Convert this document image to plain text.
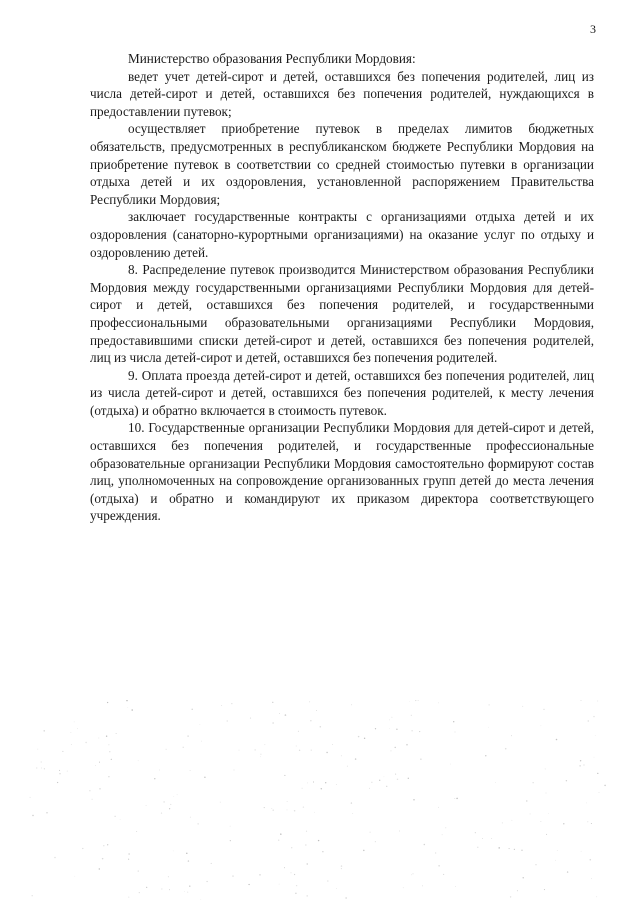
3

Министерство образования Республики Мордовия:

ведет учет детей-сирот и детей, оставшихся без попечения родителей, лиц из числа детей-сирот и детей, оставшихся без попечения родителей, нуждающихся в предоставлении путевок;

осуществляет приобретение путевок в пределах лимитов бюджетных обязательств, предусмотренных в республиканском бюджете Республики Мордовия на приобретение путевок в соответствии со средней стоимостью путевки в организации отдыха детей и их оздоровления, установленной распоряжением Правительства Республики Мордовия;

заключает государственные контракты с организациями отдыха детей и их оздоровления (санаторно-курортными организациями) на оказание услуг по отдыху и оздоровлению детей.

8. Распределение путевок производится Министерством образования Республики Мордовия между государственными организациями Республики Мордовия для детей-сирот и детей, оставшихся без попечения родителей, и государственными профессиональными образовательными организациями Республики Мордовия, предоставившими списки детей-сирот и детей, оставшихся без попечения родителей, лиц из числа детей-сирот и детей, оставшихся без попечения родителей.

9. Оплата проезда детей-сирот и детей, оставшихся без попечения родителей, лиц из числа детей-сирот и детей, оставшихся без попечения родителей, к месту лечения (отдыха) и обратно включается в стоимость путевок.

10. Государственные организации Республики Мордовия для детей-сирот и детей, оставшихся без попечения родителей, и государственные профессиональные образовательные организации Республики Мордовия самостоятельно формируют состав лиц, уполномоченных на сопровождение организованных групп детей до места лечения (отдыха) и обратно и командируют их приказом директора соответствующего учреждения.
